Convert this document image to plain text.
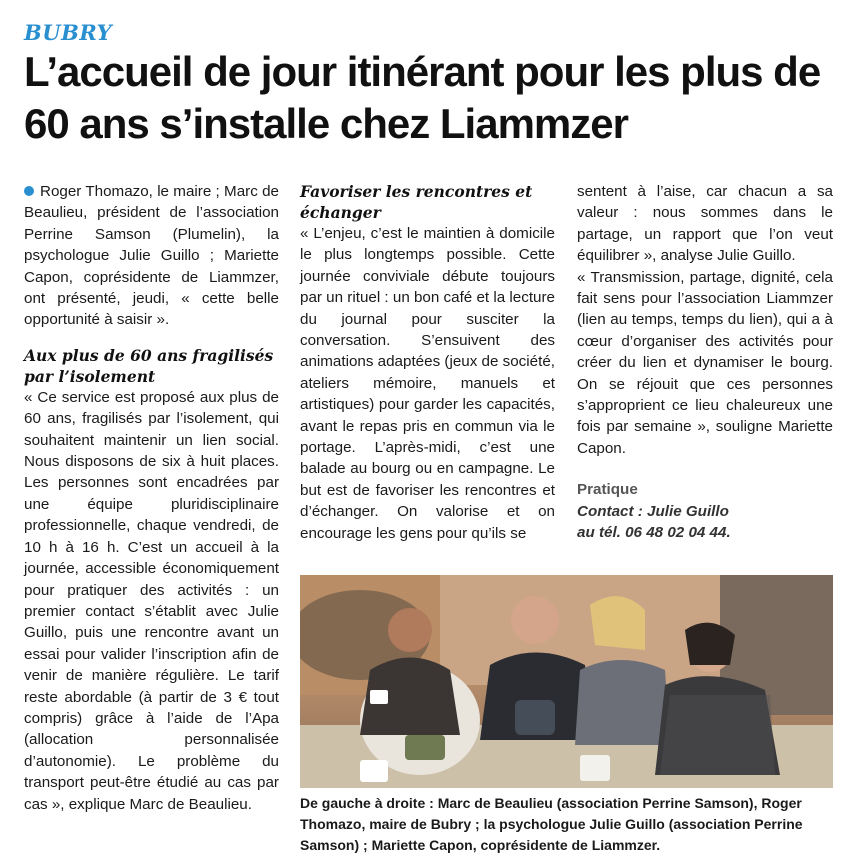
BUBRY
L’accueil de jour itinérant pour les plus de 60 ans s’installe chez Liammzer

Roger Thomazo, le maire ; Marc de Beaulieu, président de l’association Perrine Samson (Plumelin), la psychologue Julie Guillo ; Mariette Capon, coprésidente de Liammzer, ont présenté, jeudi, « cette belle opportunité à saisir ».

Aux plus de 60 ans fragilisés par l’isolement

« Ce service est proposé aux plus de 60 ans, fragilisés par l’isolement, qui souhaitent maintenir un lien social. Nous disposons de six à huit places. Les personnes sont encadrées par une équipe pluridisciplinaire professionnelle, chaque vendredi, de 10 h à 16 h. C’est un accueil à la journée, accessible économiquement pour pratiquer des activités : un premier contact s’établit avec Julie Guillo, puis une rencontre avant un essai pour valider l’inscription afin de venir de manière régulière. Le tarif reste abordable (à partir de 3 € tout compris) grâce à l’aide de l’Apa (allocation personnalisée d’autonomie). Le problème du transport peut-être étudié au cas par cas », explique Marc de Beaulieu.

Favoriser les rencontres et échanger

« L’enjeu, c’est le maintien à domicile le plus longtemps possible. Cette journée conviviale débute toujours par un rituel : un bon café et la lecture du journal pour susciter la conversation. S’ensuivent des animations adaptées (jeux de société, ateliers mémoire, manuels et artistiques) pour garder les capacités, avant le repas pris en commun via le portage. L’après-midi, c’est une balade au bourg ou en campagne. Le but est de favoriser les rencontres et d’échanger. On valorise et on encourage les gens pour qu’ils se

sentent à l’aise, car chacun a sa valeur : nous sommes dans le partage, un rapport que l’on veut équilibrer », analyse Julie Guillo.

« Transmission, partage, dignité, cela fait sens pour l’association Liammzer (lien au temps, temps du lien), qui a à cœur d’organiser des activités pour créer du lien et dynamiser le bourg. On se réjouit que ces personnes s’approprient ce lieu chaleureux une fois par semaine », souligne Mariette Capon.

Pratique

Contact : Julie Guillo

au tél. 06 48 02 04 44.

De gauche à droite : Marc de Beaulieu (association Perrine Samson), Roger Thomazo, maire de Bubry ; la psychologue Julie Guillo (association Perrine Samson) ; Mariette Capon, coprésidente de Liammzer.
